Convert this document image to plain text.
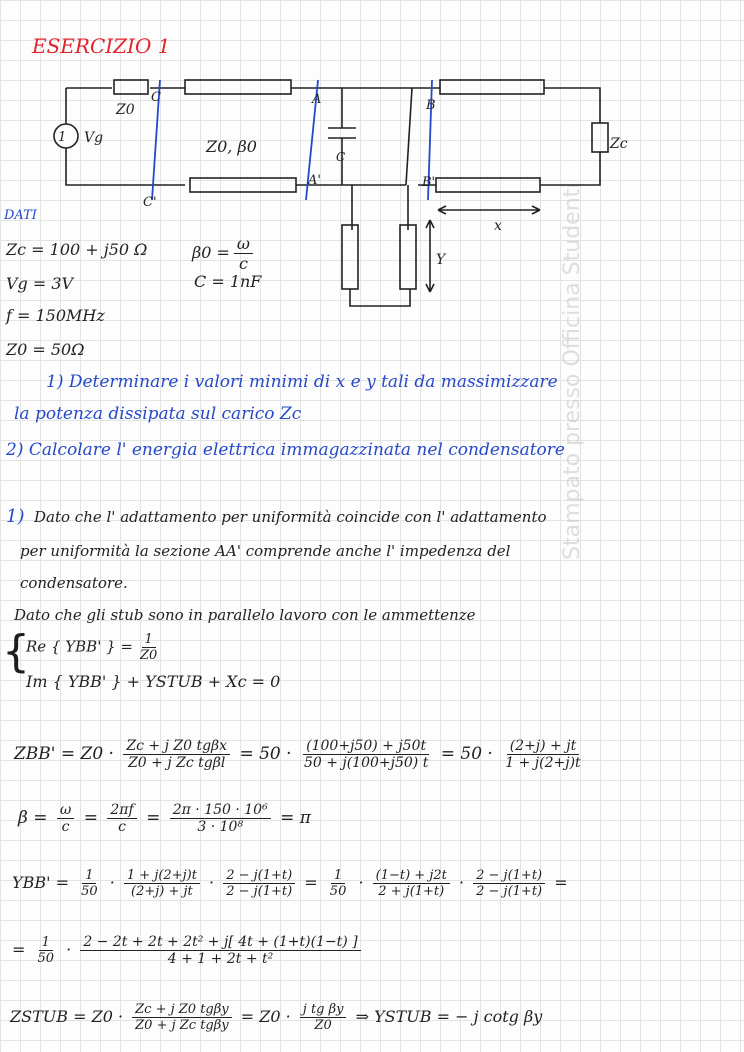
ESERCIZIO 1
Stampato presso Officina Studenti
1 Vg
Z0
Z0, β0
C
Zc
C
C'
A
A'
B
B'
x
Y
DATI
Zc = 100 + j50 Ω
Vg = 3V
f = 150MHz
Z0 = 50Ω
$\beta 0 = \frac{\omega}{c}$
C = 1nF
1) Determinare i valori minimi di x e y tali da massimizzare
la potenza dissipata sul carico Zc
2) Calcolare l' energia elettrica immagazzinata nel condensatore
1) Dato che l' adattamento per uniformità coincide con l' adattamento
per uniformità la sezione AA' comprende anche l' impedenza del
condensatore.
Dato che gli stub sono in parallelo lavoro con le ammettenze
{
Re { YBB' } = $\frac{1}{Z0}$
Im { YBB' } + YSTUB + Xc = 0
$ZBB' = Z0 \cdot \frac{\text{Zc + j Z0 tgβx}}{\text{Z0 + j Zc tgβl}} = 50 \cdot \frac{(100+j50) + j50t}{50 + j(100+j50) t} = 50 \cdot \frac{(2+j) + jt}{1 + j(2+j)t}$
$\beta = \frac{\omega}{c} = \frac{2\pi f}{c} = \frac{\text{2π · 150 · 10⁶}}{\text{3 · 10⁸}} = \pi$
$YBB' = \frac{1}{50} \cdot \frac{1 + j(2+j)t}{(2+j) + jt} \cdot \frac{2 - j(1+t)}{2 - j(1+t)} = \frac{1}{50} \cdot \frac{(1-t) + j2t}{2 + j(1+t)} \cdot \frac{2 - j(1+t)}{2 - j(1+t)}$ =
= $\frac{1}{50} \cdot \frac{\text{2 − 2t + 2t + 2t² + j[ 4t + (1+t)(1−t) ]}}{\text{4 + 1 + 2t + t²}}$
ZSTUB = $Z0 \cdot \frac{\text{Zc + j Z0 tgβy}}{\text{Z0 + j Zc tgβy}} = Z0 \cdot \frac{\text{j tg βy}}{Z0}$ ⇒ YSTUB = − j cotg βy
